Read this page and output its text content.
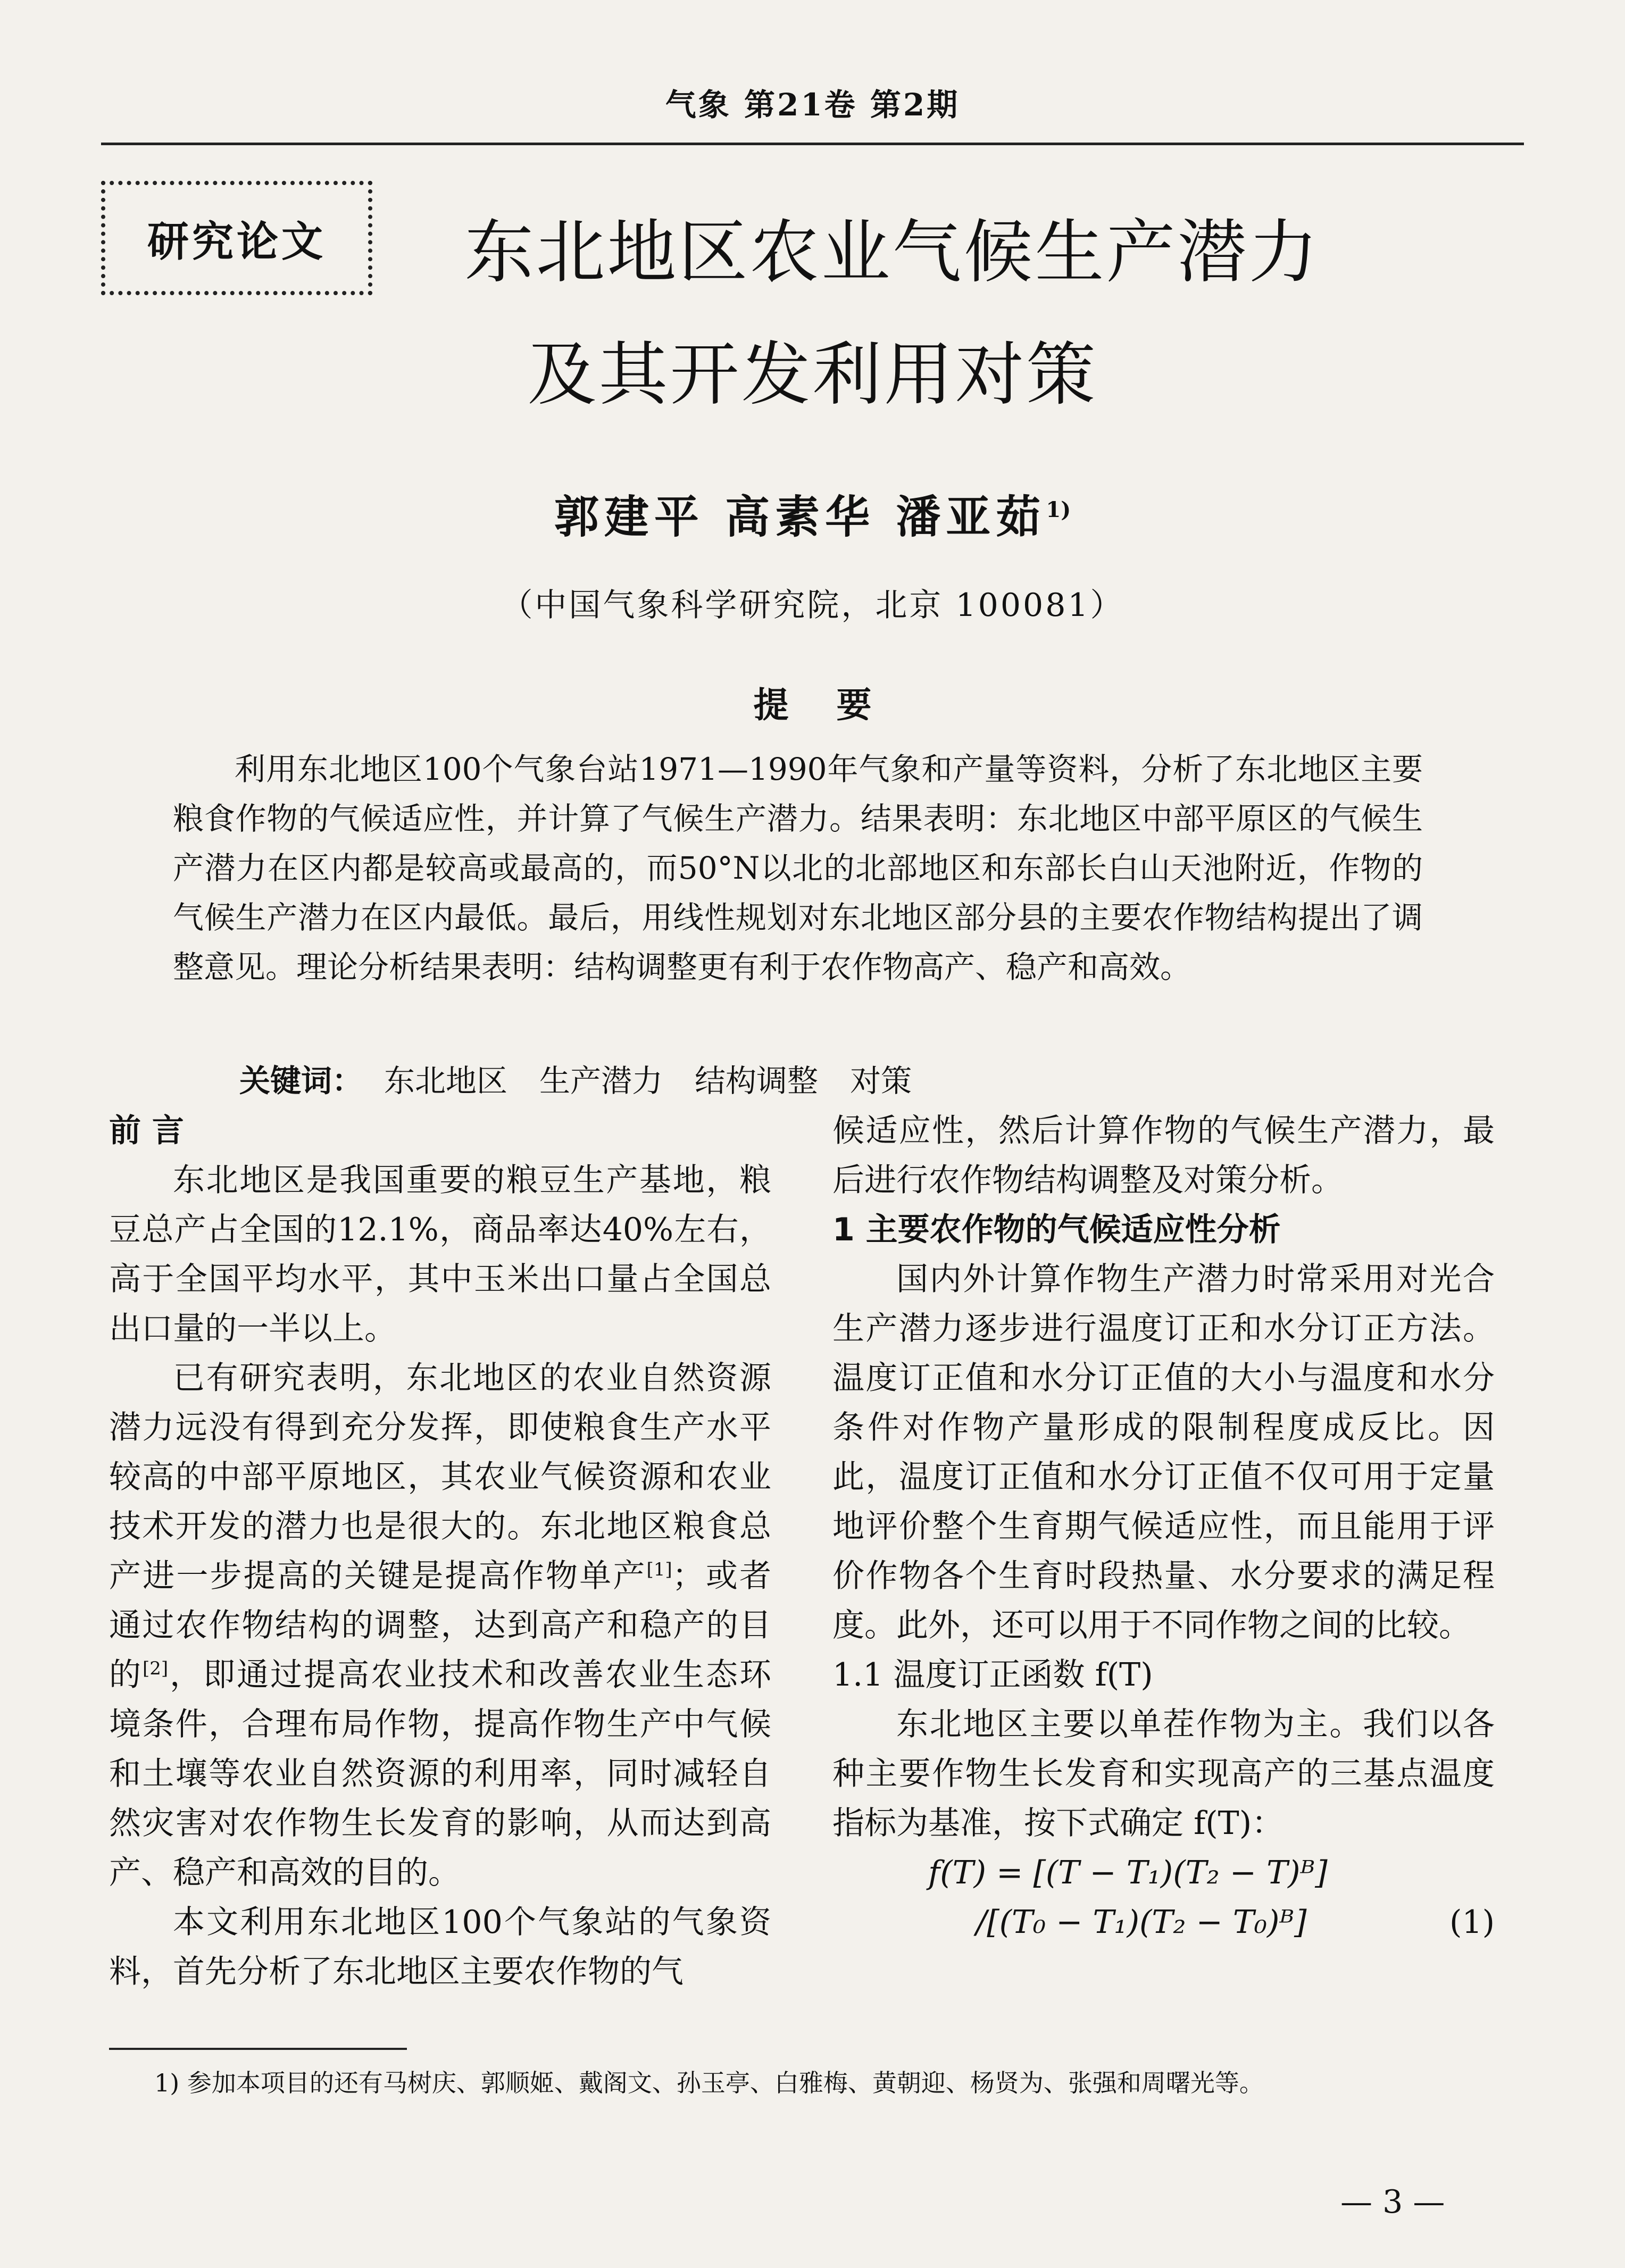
气象 第21卷 第2期
研究论文	东北地区农业气候生产潜力
及其开发利用对策
郭建平 高素华 潘亚茹$^{1)}$
（中国气象科学研究院，北京 100081）
提要
利用东北地区100个气象台站1971—1990年气象和产量等资料，分析了东北地区主要粮食作物的气候适应性，并计算了气候生产潜力。结果表明：东北地区中部平原区的气候生产潜力在区内都是较高或最高的，而50°N以北的北部地区和东部长白山天池附近，作物的气候生产潜力在区内最低。最后，用线性规划对东北地区部分县的主要农作物结构提出了调整意见。理论分析结果表明：结构调整更有利于农作物高产、稳产和高效。
关键词： 东北地区 生产潜力 结构调整 对策
前 言

东北地区是我国重要的粮豆生产基地，粮豆总产占全国的12.1%，商品率达40%左右，高于全国平均水平，其中玉米出口量占全国总出口量的一半以上。

已有研究表明，东北地区的农业自然资源潜力远没有得到充分发挥，即使粮食生产水平较高的中部平原地区，其农业气候资源和农业技术开发的潜力也是很大的。东北地区粮食总产进一步提高的关键是提高作物单产[1]；或者通过农作物结构的调整，达到高产和稳产的目的[2]，即通过提高农业技术和改善农业生态环境条件，合理布局作物，提高作物生产中气候和土壤等农业自然资源的利用率，同时减轻自然灾害对农作物生长发育的影响，从而达到高产、稳产和高效的目的。

本文利用东北地区100个气象站的气象资料，首先分析了东北地区主要农作物的气

候适应性，然后计算作物的气候生产潜力，最后进行农作物结构调整及对策分析。

1 主要农作物的气候适应性分析

国内外计算作物生产潜力时常采用对光合生产潜力逐步进行温度订正和水分订正方法。温度订正值和水分订正值的大小与温度和水分条件对作物产量形成的限制程度成反比。因此，温度订正值和水分订正值不仅可用于定量地评价整个生育期气候适应性，而且能用于评价作物各个生育时段热量、水分要求的满足程度。此外，还可以用于不同作物之间的比较。

1.1 温度订正函数 f(T)

东北地区主要以单茬作物为主。我们以各种主要作物生长发育和实现高产的三基点温度指标为基准，按下式确定 f(T)：

f(T) = [(T − T₁)(T₂ − T)ᴮ]
/[(T₀ − T₁)(T₂ − T₀)ᴮ]	(1)
1) 参加本项目的还有马树庆、郭顺姬、戴阁文、孙玉亭、白雅梅、黄朝迎、杨贤为、张强和周曙光等。
— 3 —
